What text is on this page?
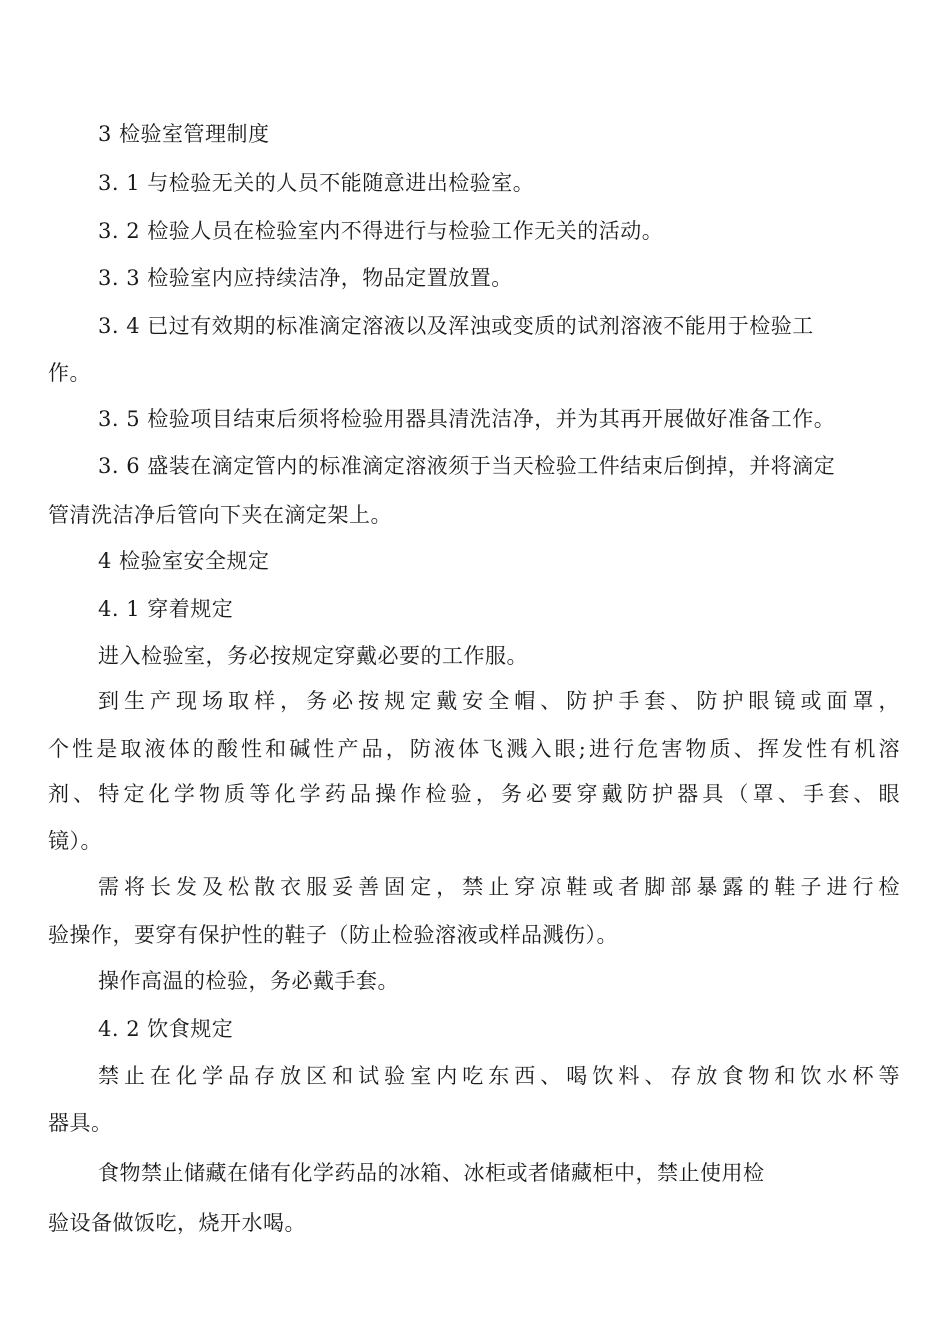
3 检验室管理制度
3. 1 与检验无关的人员不能随意进出检验室。
3. 2 检验人员在检验室内不得进行与检验工作无关的活动。
3. 3 检验室内应持续洁净，物品定置放置。
3. 4 已过有效期的标准滴定溶液以及浑浊或变质的试剂溶液不能用于检验工
作。
3. 5 检验项目结束后须将检验用器具清洗洁净，并为其再开展做好准备工作。
3. 6 盛装在滴定管内的标准滴定溶液须于当天检验工件结束后倒掉，并将滴定
管清洗洁净后管向下夹在滴定架上。
4 检验室安全规定
4. 1 穿着规定
进入检验室，务必按规定穿戴必要的工作服。
到生产现场取样，务必按规定戴安全帽、防护手套、防护眼镜或面罩，
个性是取液体的酸性和碱性产品，防液体飞溅入眼;进行危害物质、挥发性有机溶
剂、特定化学物质等化学药品操作检验，务必要穿戴防护器具（罩、手套、眼
镜）。
需将长发及松散衣服妥善固定，禁止穿凉鞋或者脚部暴露的鞋子进行检
验操作，要穿有保护性的鞋子（防止检验溶液或样品溅伤）。
操作高温的检验，务必戴手套。
4. 2 饮食规定
禁止在化学品存放区和试验室内吃东西、喝饮料、存放食物和饮水杯等
器具。
食物禁止储藏在储有化学药品的冰箱、冰柜或者储藏柜中，禁止使用检
验设备做饭吃，烧开水喝。
